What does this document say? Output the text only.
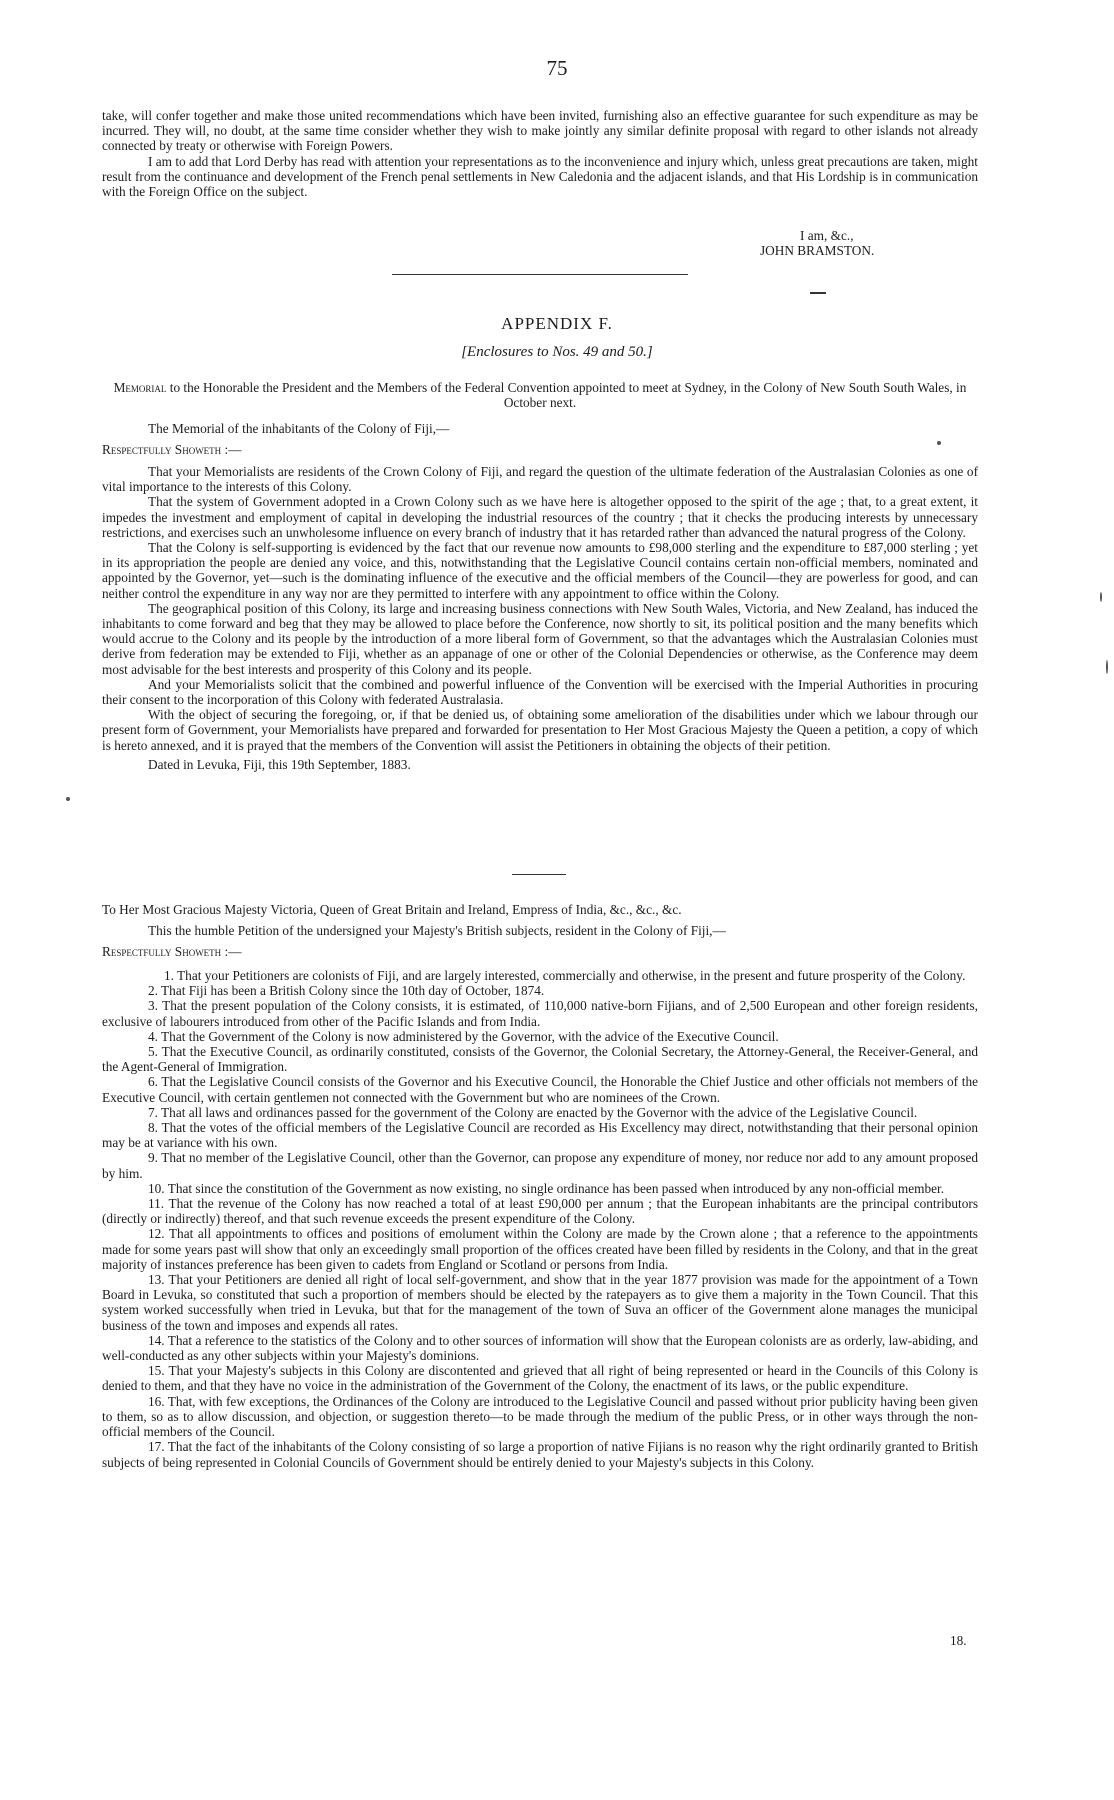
75

take, will confer together and make those united recommendations which have been invited, furnishing also an effective guarantee for such expenditure as may be incurred. They will, no doubt, at the same time consider whether they wish to make jointly any similar definite proposal with regard to other islands not already connected by treaty or otherwise with Foreign Powers.

I am to add that Lord Derby has read with attention your representations as to the inconvenience and injury which, unless great precautions are taken, might result from the continuance and development of the French penal settlements in New Caledonia and the adjacent islands, and that His Lordship is in communication with the Foreign Office on the subject.

I am, &c.,

JOHN BRAMSTON.

APPENDIX F.
[Enclosures to Nos. 49 and 50.]
Memorial to the Honorable the President and the Members of the Federal Convention appointed to meet at Sydney, in the Colony of New South South Wales, in October next.

The Memorial of the inhabitants of the Colony of Fiji,—

Respectfully Showeth :—

That your Memorialists are residents of the Crown Colony of Fiji, and regard the question of the ultimate federation of the Australasian Colonies as one of vital importance to the interests of this Colony.

That the system of Government adopted in a Crown Colony such as we have here is altogether opposed to the spirit of the age ; that, to a great extent, it impedes the investment and employment of capital in developing the industrial resources of the country ; that it checks the producing interests by unnecessary restrictions, and exercises such an unwholesome influence on every branch of industry that it has retarded rather than advanced the natural progress of the Colony.

That the Colony is self-supporting is evidenced by the fact that our revenue now amounts to £98,000 sterling and the expenditure to £87,000 sterling ; yet in its appropriation the people are denied any voice, and this, notwithstanding that the Legislative Council contains certain non-official members, nominated and appointed by the Governor, yet—such is the dominating influence of the executive and the official members of the Council—they are powerless for good, and can neither control the expenditure in any way nor are they permitted to interfere with any appointment to office within the Colony.

The geographical position of this Colony, its large and increasing business connections with New South Wales, Victoria, and New Zealand, has induced the inhabitants to come forward and beg that they may be allowed to place before the Conference, now shortly to sit, its political position and the many benefits which would accrue to the Colony and its people by the introduction of a more liberal form of Government, so that the advantages which the Australasian Colonies must derive from federation may be extended to Fiji, whether as an appanage of one or other of the Colonial Dependencies or otherwise, as the Conference may deem most advisable for the best interests and prosperity of this Colony and its people.

And your Memorialists solicit that the combined and powerful influence of the Convention will be exercised with the Imperial Authorities in procuring their consent to the incorporation of this Colony with federated Australasia.

With the object of securing the foregoing, or, if that be denied us, of obtaining some amelioration of the disabilities under which we labour through our present form of Government, your Memorialists have prepared and forwarded for presentation to Her Most Gracious Majesty the Queen a petition, a copy of which is hereto annexed, and it is prayed that the members of the Convention will assist the Petitioners in obtaining the objects of their petition.

Dated in Levuka, Fiji, this 19th September, 1883.

To Her Most Gracious Majesty Victoria, Queen of Great Britain and Ireland, Empress of India, &c., &c., &c.

This the humble Petition of the undersigned your Majesty's British subjects, resident in the Colony of Fiji,—

Respectfully Showeth :—

1. That your Petitioners are colonists of Fiji, and are largely interested, commercially and otherwise, in the present and future prosperity of the Colony.

2. That Fiji has been a British Colony since the 10th day of October, 1874.

3. That the present population of the Colony consists, it is estimated, of 110,000 native-born Fijians, and of 2,500 European and other foreign residents, exclusive of labourers introduced from other of the Pacific Islands and from India.

4. That the Government of the Colony is now administered by the Governor, with the advice of the Executive Council.

5. That the Executive Council, as ordinarily constituted, consists of the Governor, the Colonial Secretary, the Attorney-General, the Receiver-General, and the Agent-General of Immigration.

6. That the Legislative Council consists of the Governor and his Executive Council, the Honorable the Chief Justice and other officials not members of the Executive Council, with certain gentlemen not connected with the Government but who are nominees of the Crown.

7. That all laws and ordinances passed for the government of the Colony are enacted by the Governor with the advice of the Legislative Council.

8. That the votes of the official members of the Legislative Council are recorded as His Excellency may direct, notwithstanding that their personal opinion may be at variance with his own.

9. That no member of the Legislative Council, other than the Governor, can propose any expenditure of money, nor reduce nor add to any amount proposed by him.

10. That since the constitution of the Government as now existing, no single ordinance has been passed when introduced by any non-official member.

11. That the revenue of the Colony has now reached a total of at least £90,000 per annum ; that the European inhabitants are the principal contributors (directly or indirectly) thereof, and that such revenue exceeds the present expenditure of the Colony.

12. That all appointments to offices and positions of emolument within the Colony are made by the Crown alone ; that a reference to the appointments made for some years past will show that only an exceedingly small proportion of the offices created have been filled by residents in the Colony, and that in the great majority of instances preference has been given to cadets from England or Scotland or persons from India.

13. That your Petitioners are denied all right of local self-government, and show that in the year 1877 provision was made for the appointment of a Town Board in Levuka, so constituted that such a proportion of members should be elected by the ratepayers as to give them a majority in the Town Council. That this system worked successfully when tried in Levuka, but that for the management of the town of Suva an officer of the Government alone manages the municipal business of the town and imposes and expends all rates.

14. That a reference to the statistics of the Colony and to other sources of information will show that the European colonists are as orderly, law-abiding, and well-conducted as any other subjects within your Majesty's dominions.

15. That your Majesty's subjects in this Colony are discontented and grieved that all right of being represented or heard in the Councils of this Colony is denied to them, and that they have no voice in the administration of the Government of the Colony, the enactment of its laws, or the public expenditure.

16. That, with few exceptions, the Ordinances of the Colony are introduced to the Legislative Council and passed without prior publicity having been given to them, so as to allow discussion, and objection, or suggestion thereto—to be made through the medium of the public Press, or in other ways through the non-official members of the Council.

17. That the fact of the inhabitants of the Colony consisting of so large a proportion of native Fijians is no reason why the right ordinarily granted to British subjects of being represented in Colonial Councils of Government should be entirely denied to your Majesty's subjects in this Colony.

18.
